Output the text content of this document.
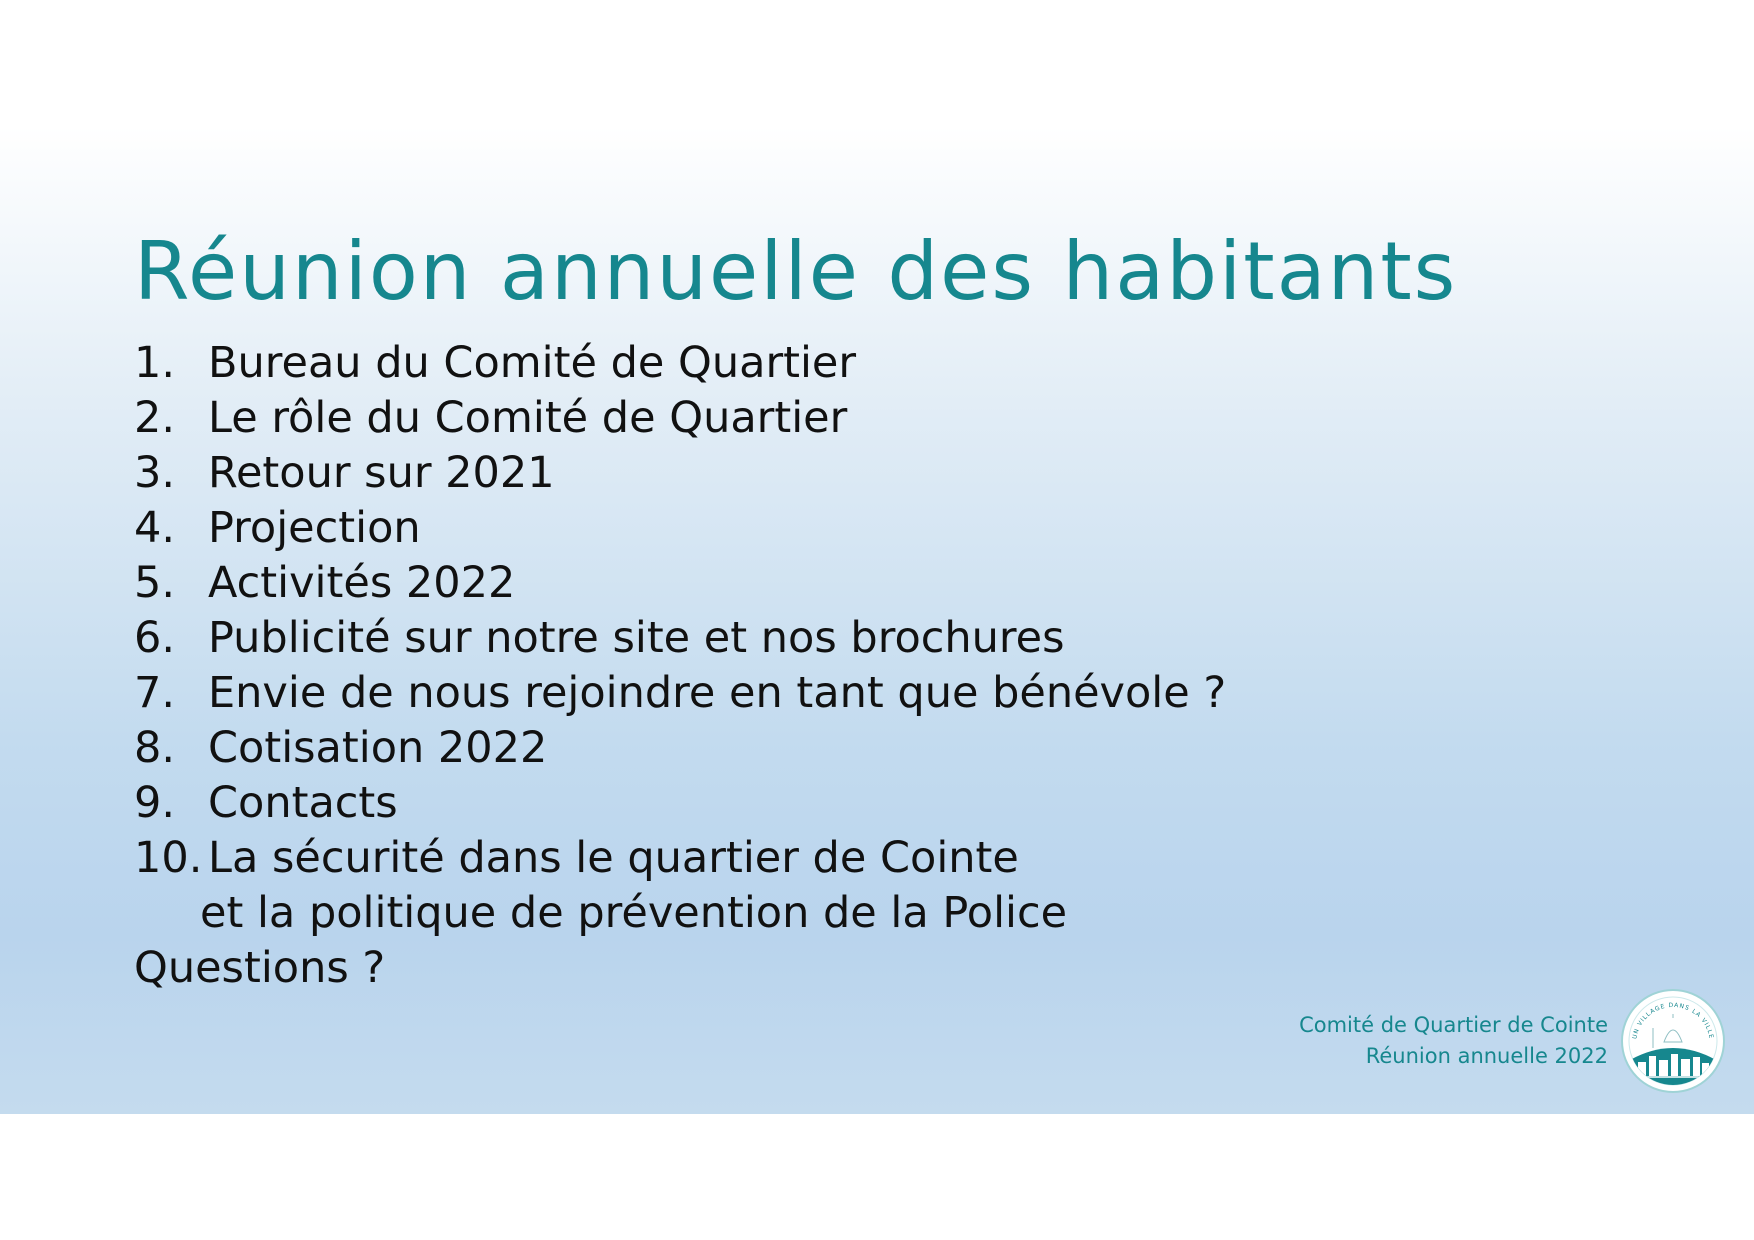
Réunion annuelle des habitants
1. Bureau du Comité de Quartier
2. Le rôle du Comité de Quartier
3. Retour sur 2021
4. Projection
5. Activités 2022
6. Publicité sur notre site et nos brochures
7. Envie de nous rejoindre en tant que bénévole ?
8. Cotisation 2022
9. Contacts
10. La sécurité dans le quartier de Cointe
et la politique de prévention de la Police
Questions ?
Comité de Quartier de Cointe
Réunion annuelle 2022
UN VILLAGE DANS LA VILLE
